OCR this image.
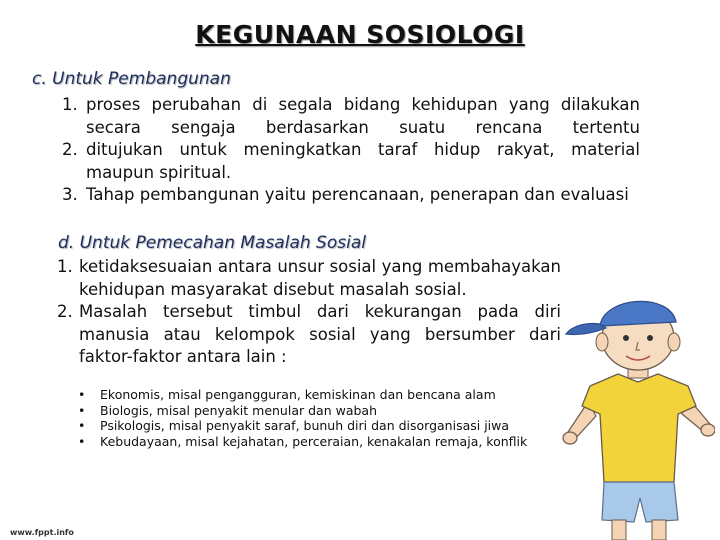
KEGUNAAN SOSIOLOGI
c. Untuk Pembangunan
1. proses perubahan di segala bidang kehidupan yang dilakukan secara sengaja berdasarkan suatu rencana tertentu
2. ditujukan untuk meningkatkan taraf hidup rakyat, material maupun spiritual.
3. Tahap pembangunan yaitu perencanaan, penerapan dan evaluasi
d. Untuk Pemecahan Masalah Sosial
1. ketidaksesuaian antara unsur sosial yang membahayakan kehidupan masyarakat disebut masalah sosial.
2. Masalah tersebut timbul dari kekurangan pada diri manusia atau kelompok sosial yang bersumber dari faktor-faktor antara lain :
• Ekonomis, misal pengangguran, kemiskinan dan bencana alam
• Biologis, misal penyakit menular dan wabah
• Psikologis, misal penyakit saraf, bunuh diri dan disorganisasi jiwa
• Kebudayaan, misal kejahatan, perceraian, kenakalan remaja, konflik
www.fppt.info
